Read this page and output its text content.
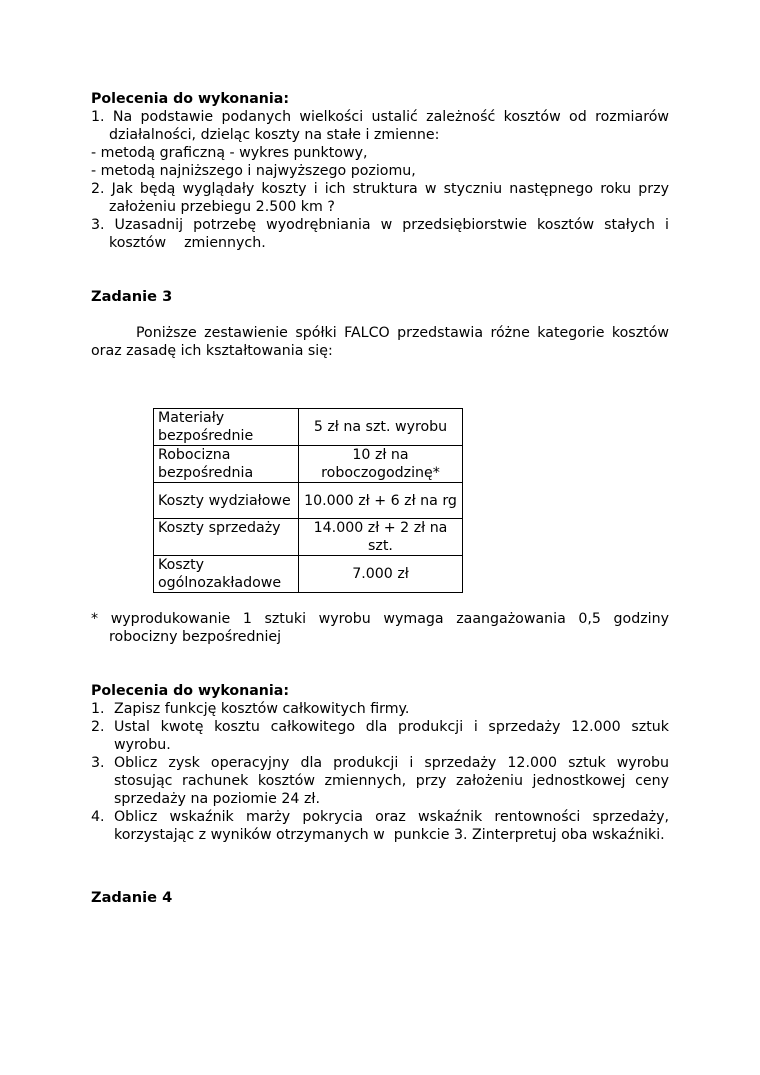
Polecenia do wykonania:

1. Na podstawie podanych wielkości ustalić zależność kosztów od rozmiarów działalności, dzieląc koszty na stałe i zmienne:

- metodą graficzną - wykres punktowy,

- metodą najniższego i najwyższego poziomu,

2. Jak będą wyglądały koszty i ich struktura w styczniu następnego roku przy założeniu przebiegu 2.500 km ?

3. Uzasadnij potrzebę wyodrębniania w przedsiębiorstwie kosztów stałych i kosztów    zmiennych.

Zadanie 3

Poniższe zestawienie spółki FALCO przedstawia różne kategorie kosztów oraz zasadę ich kształtowania się:

Materiały bezpośrednie	5 zł na szt. wyrobu
Robocizna bezpośrednia	10 zł na roboczogodzinę*
Koszty wydziałowe	10.000 zł + 6 zł na rg
Koszty sprzedaży	14.000 zł + 2 zł na szt.
Koszty ogólnozakładowe	7.000 zł

* wyprodukowanie 1 sztuki wyrobu wymaga zaangażowania 0,5 godziny robocizny bezpośredniej

Polecenia do wykonania:

1. Zapisz funkcję kosztów całkowitych firmy.
2. Ustal kwotę kosztu całkowitego dla produkcji i sprzedaży 12.000 sztuk wyrobu.
3. Oblicz zysk operacyjny dla produkcji i sprzedaży 12.000 sztuk wyrobu stosując rachunek kosztów zmiennych, przy założeniu jednostkowej ceny sprzedaży na poziomie 24 zł.
4. Oblicz wskaźnik marży pokrycia oraz wskaźnik rentowności sprzedaży, korzystając z wyników otrzymanych w  punkcie 3. Zinterpretuj oba wskaźniki.

Zadanie 4
